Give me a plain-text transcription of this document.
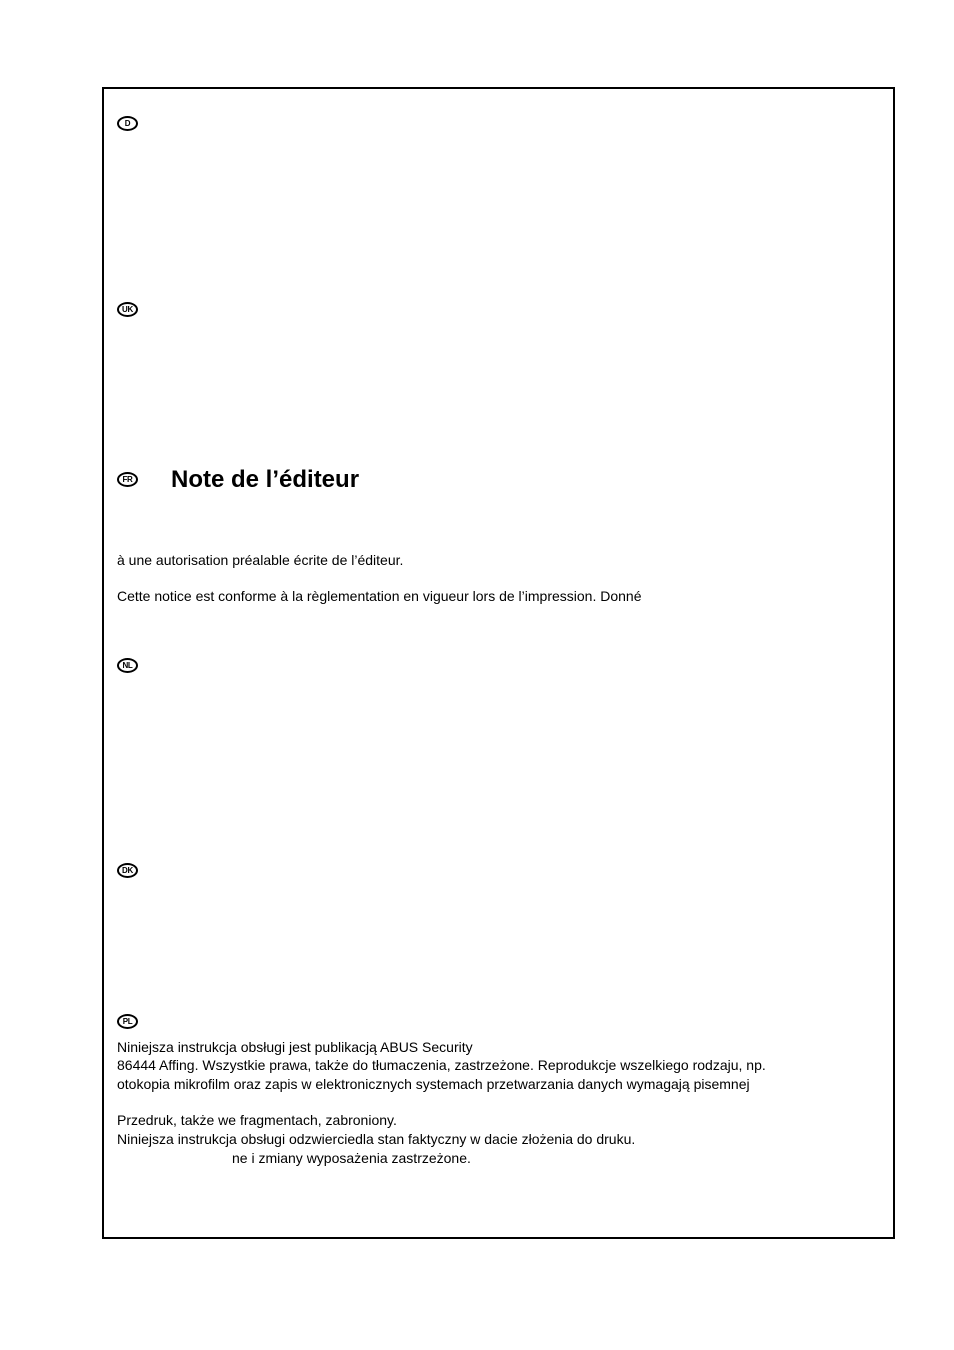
D
UK
FR Note de l’éditeur
à une autorisation préalable écrite de l’éditeur.
Cette notice est conforme à la règlementation en vigueur lors de l’impression. Donné
NL
DK
PL
Niniejsza instrukcja obsługi jest publikacją ABUS Security
86444 Affing. Wszystkie prawa, także do tłumaczenia, zastrzeżone. Reprodukcje wszelkiego rodzaju, np.
otokopia mikrofilm oraz zapis w elektronicznych systemach przetwarzania danych wymagają pisemnej
Przedruk, także we fragmentach, zabroniony.
Niniejsza instrukcja obsługi odzwierciedla stan faktyczny w dacie złożenia do druku.
ne i zmiany wyposażenia zastrzeżone.
